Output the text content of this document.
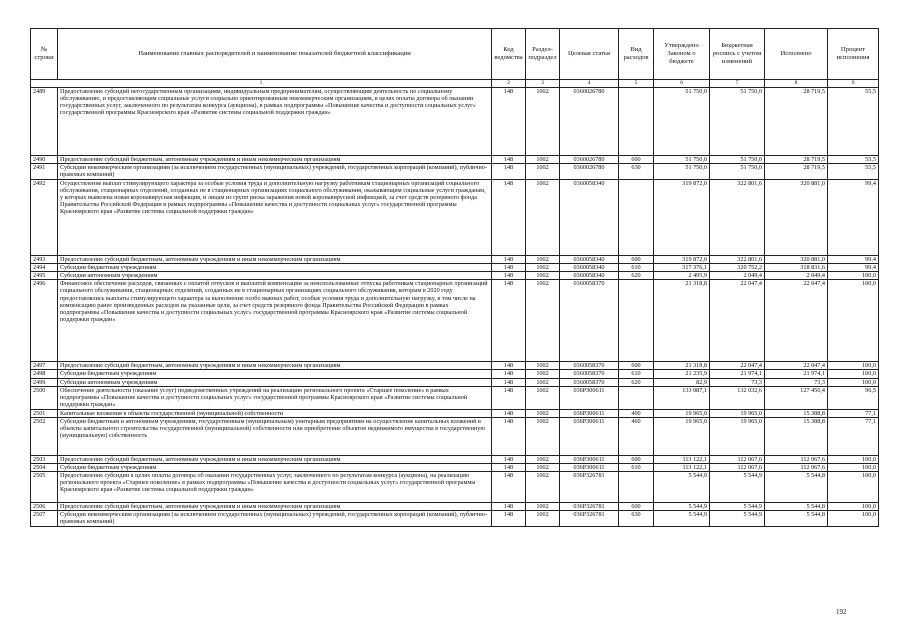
№ строки	Наименование главных распорядителей и наименование показателей бюджетной классификации	Код ведомства	Раздел-подраздел	Целевая статья	Вид расходов	Утверждено Законом о бюджете	Бюджетная роспись с учетом изменений	Исполнено	Процент исполнения
1		2	3	4	5	6	7	8	9
2489	Предоставление субсидий негосударственным организациям, индивидуальным предпринимателям, осуществляющим деятельность по социальному обслуживанию, и предоставляющим социальные услуги социально ориентированным некоммерческим организациям, в целях оплаты договора об оказании государственных услуг, заключенного по результатам конкурса (аукциона), в рамках подпрограммы «Повышение качества и доступности социальных услуг» государственной программы Красноярского края «Развитие системы социальной поддержки граждан»	148	1002	0360026780		51 750,0	51 750,0	28 719,5	55,5
2490	Предоставление субсидий бюджетным, автономным учреждениям и иным некоммерческим организациям	148	1002	0360026780	600	51 750,0	51 750,0	28 719,5	55,5
2491	Субсидии некоммерческим организациям (за исключением государственных (муниципальных) учреждений, государственных корпораций (компаний), публично-правовых компаний)	148	1002	0360026780	630	51 750,0	51 750,0	28 719,5	55,5
2492	Осуществление выплат стимулирующего характера за особые условия труда и дополнительную нагрузку работникам стационарных организаций социального обслуживания, стационарных отделений, созданных не в стационарных организациях социального обслуживания, оказывающим социальные услуги гражданам, у которых выявлена новая коронавирусная инфекция, и лицам из групп риска заражения новой коронавирусной инфекцией, за счет средств резервного фонда Правительства Российской Федерации в рамках подпрограммы «Повышение качества и доступности социальных услуг» государственной программы Красноярского края «Развитие системы социальной поддержки граждан»	148	1002	0360058340		319 872,0	322 801,6	320 881,0	99,4
2493	Предоставление субсидий бюджетным, автономным учреждениям и иным некоммерческим организациям	148	1002	0360058340	600	319 872,0	322 801,6	320 881,0	99,4
2494	Субсидии бюджетным учреждениям	148	1002	0360058340	610	317 376,1	320 752,2	318 831,6	99,4
2495	Субсидии автономным учреждениям	148	1002	0360058340	620	2 495,9	2 049,4	2 049,4	100,0
2496	Финансовое обеспечение расходов, связанных с оплатой отпусков и выплатой компенсации за неиспользованные отпуска работникам стационарных организаций социального обслуживания, стационарных отделений, созданных не в стационарных организациях социального обслуживания, которым в 2020 году предоставлялись выплаты стимулирующего характера за выполнение особо важных работ, особые условия труда и дополнительную нагрузку, в том числе на компенсацию ранее произведенных расходов на указанные цели, за счет средств резервного фонда Правительства Российской Федерации в рамках подпрограммы «Повышение качества и доступности социальных услуг» государственной программы Красноярского края «Развитие системы социальной поддержки граждан»	148	1002	0360058370		21 318,8	22 047,4	22 047,4	100,0
2497	Предоставление субсидий бюджетным, автономным учреждениям и иным некоммерческим организациям	148	1002	0360058370	600	21 318,8	22 047,4	22 047,4	100,0
2498	Субсидии бюджетным учреждениям	148	1002	0360058370	610	21 235,9	21 974,1	21 974,1	100,0
2499	Субсидии автономным учреждениям	148	1002	0360058370	620	82,9	73,3	73,3	100,0
2500	Обеспечение деятельности (оказание услуг) подведомственных учреждений на реализацию регионального проекта «Старшее поколение» в рамках подпрограммы «Повышение качества и доступности социальных услуг» государственной программы Красноярского края «Развитие системы социальной поддержки граждан»	148	1002	036P300611		133 087,1	132 032,6	127 456,4	96,5
2501	Капитальные вложения в объекты государственной (муниципальной) собственности	148	1002	036P300611	400	19 965,0	19 965,0	15 388,8	77,1
2502	Субсидии бюджетным и автономным учреждениям, государственным (муниципальным) унитарным предприятиям на осуществление капитальных вложений в объекты капитального строительства государственной (муниципальной) собственности или приобретение объектов недвижимого имущества в государственную (муниципальную) собственность	148	1002	036P300611	460	19 965,0	19 965,0	15 388,8	77,1
2503	Предоставление субсидий бюджетным, автономным учреждениям и иным некоммерческим организациям	148	1002	036P300611	600	113 122,1	112 067,6	112 067,6	100,0
2504	Субсидии бюджетным учреждениям	148	1002	036P300611	610	113 122,1	112 067,6	112 067,6	100,0
2505	Предоставление субсидии в целях оплаты договора об оказании государственных услуг, заключенного по результатам конкурса (аукциона), на реализацию регионального проекта «Старшее поколение» в рамках подпрограммы «Повышение качества и доступности социальных услуг» государственной программы Красноярского края «Развитие системы социальной поддержки граждан»	148	1002	036P326781		5 544,9	5 544,9	5 544,8	100,0
2506	Предоставление субсидий бюджетным, автономным учреждениям и иным некоммерческим организациям	148	1002	036P326781	600	5 544,9	5 544,9	5 544,8	100,0
2507	Субсидии некоммерческим организациям (за исключением государственных (муниципальных) учреждений, государственных корпораций (компаний), публично-правовых компаний)	148	1002	036P326781	630	5 544,9	5 544,9	5 544,8	100,0
192
